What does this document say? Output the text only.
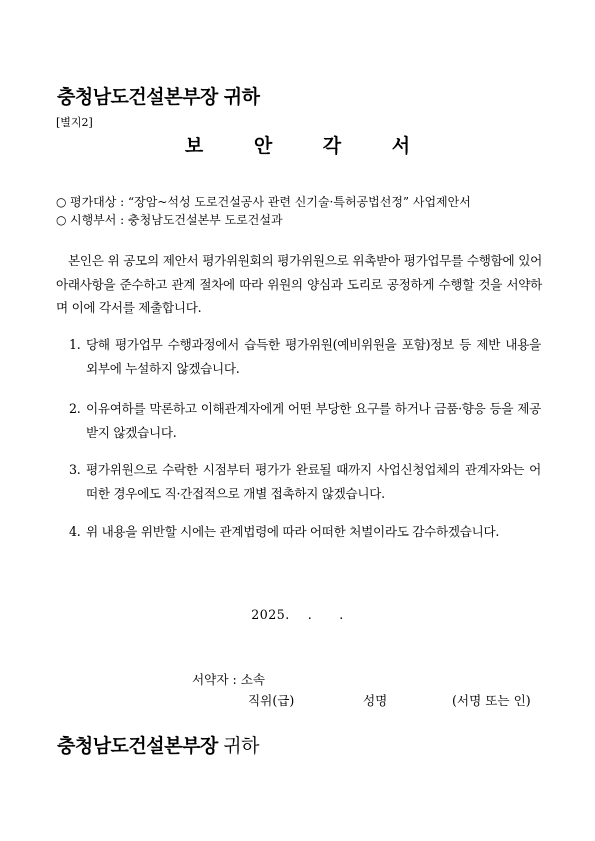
충청남도건설본부장 귀하
[별지2]
보 안 각 서
○ 평가대상 : “장암~석성 도로건설공사 관련 신기술·특허공법선정” 사업제안서
○ 시행부서 : 충청남도건설본부 도로건설과
본인은 위 공모의 제안서 평가위원회의 평가위원으로 위촉받아 평가업무를 수행함에 있어 아래사항을 준수하고 관계 절차에 따라 위원의 양심과 도리로 공정하게 수행할 것을 서약하며 이에 각서를 제출합니다.
1. 당해 평가업무 수행과정에서 습득한 평가위원(예비위원을 포함)정보 등 제반 내용을 외부에 누설하지 않겠습니다.
2. 이유여하를 막론하고 이해관계자에게 어떤 부당한 요구를 하거나 금품·향응 등을 제공받지 않겠습니다.
3. 평가위원으로 수락한 시점부터 평가가 완료될 때까지 사업신청업체의 관계자와는 어떠한 경우에도 직·간접적으로 개별 접촉하지 않겠습니다.
4. 위 내용을 위반할 시에는 관계법령에 따라 어떠한 처벌이라도 감수하겠습니다.
2025.    .      .
서약자 : 소속
직위(급)	성명	(서명 또는 인)
충청남도건설본부장 귀하
